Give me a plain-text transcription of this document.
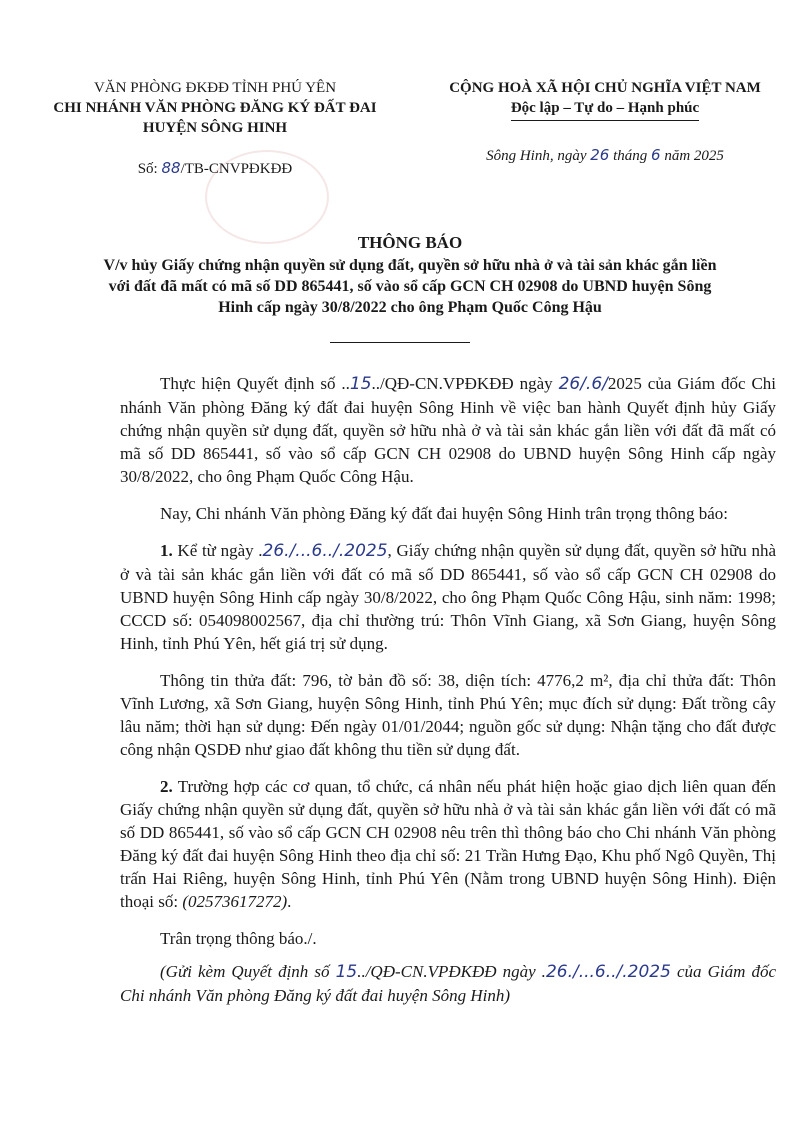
VĂN PHÒNG ĐKĐĐ TỈNH PHÚ YÊN
CHI NHÁNH VĂN PHÒNG ĐĂNG KÝ ĐẤT ĐAI
HUYỆN SÔNG HINH
Số: 88/TB-CNVPĐKĐĐ
CỘNG HOÀ XÃ HỘI CHỦ NGHĨA VIỆT NAM
Độc lập – Tự do – Hạnh phúc
Sông Hinh, ngày 26 tháng 6 năm 2025
THÔNG BÁO
V/v hủy Giấy chứng nhận quyền sử dụng đất, quyền sở hữu nhà ở và tài sản khác gắn liền với đất đã mất có mã số DD 865441, số vào sổ cấp GCN CH 02908 do UBND huyện Sông Hinh cấp ngày 30/8/2022 cho ông Phạm Quốc Công Hậu

Thực hiện Quyết định số ..15../QĐ-CN.VPĐKĐĐ ngày 26/.6/2025 của Giám đốc Chi nhánh Văn phòng Đăng ký đất đai huyện Sông Hinh về việc ban hành Quyết định hủy Giấy chứng nhận quyền sử dụng đất, quyền sở hữu nhà ở và tài sản khác gắn liền với đất đã mất có mã số DD 865441, số vào sổ cấp GCN CH 02908 do UBND huyện Sông Hinh cấp ngày 30/8/2022, cho ông Phạm Quốc Công Hậu.

Nay, Chi nhánh Văn phòng Đăng ký đất đai huyện Sông Hinh trân trọng thông báo:

1. Kể từ ngày .26./...6../.2025, Giấy chứng nhận quyền sử dụng đất, quyền sở hữu nhà ở và tài sản khác gắn liền với đất có mã số DD 865441, số vào sổ cấp GCN CH 02908 do UBND huyện Sông Hinh cấp ngày 30/8/2022, cho ông Phạm Quốc Công Hậu, sinh năm: 1998; CCCD số: 054098002567, địa chỉ thường trú: Thôn Vĩnh Giang, xã Sơn Giang, huyện Sông Hinh, tỉnh Phú Yên, hết giá trị sử dụng.

Thông tin thửa đất: 796, tờ bản đồ số: 38, diện tích: 4776,2 m², địa chỉ thửa đất: Thôn Vĩnh Lương, xã Sơn Giang, huyện Sông Hinh, tỉnh Phú Yên; mục đích sử dụng: Đất trồng cây lâu năm; thời hạn sử dụng: Đến ngày 01/01/2044; nguồn gốc sử dụng: Nhận tặng cho đất được công nhận QSDĐ như giao đất không thu tiền sử dụng đất.

2. Trường hợp các cơ quan, tổ chức, cá nhân nếu phát hiện hoặc giao dịch liên quan đến Giấy chứng nhận quyền sử dụng đất, quyền sở hữu nhà ở và tài sản khác gắn liền với đất có mã số DD 865441, số vào sổ cấp GCN CH 02908 nêu trên thì thông báo cho Chi nhánh Văn phòng Đăng ký đất đai huyện Sông Hinh theo địa chỉ số: 21 Trần Hưng Đạo, Khu phố Ngô Quyền, Thị trấn Hai Riêng, huyện Sông Hinh, tỉnh Phú Yên (Nằm trong UBND huyện Sông Hinh). Điện thoại số: (02573617272).

Trân trọng thông báo./.

(Gửi kèm Quyết định số 15../QĐ-CN.VPĐKĐĐ ngày .26./...6../.2025 của Giám đốc Chi nhánh Văn phòng Đăng ký đất đai huyện Sông Hinh)
